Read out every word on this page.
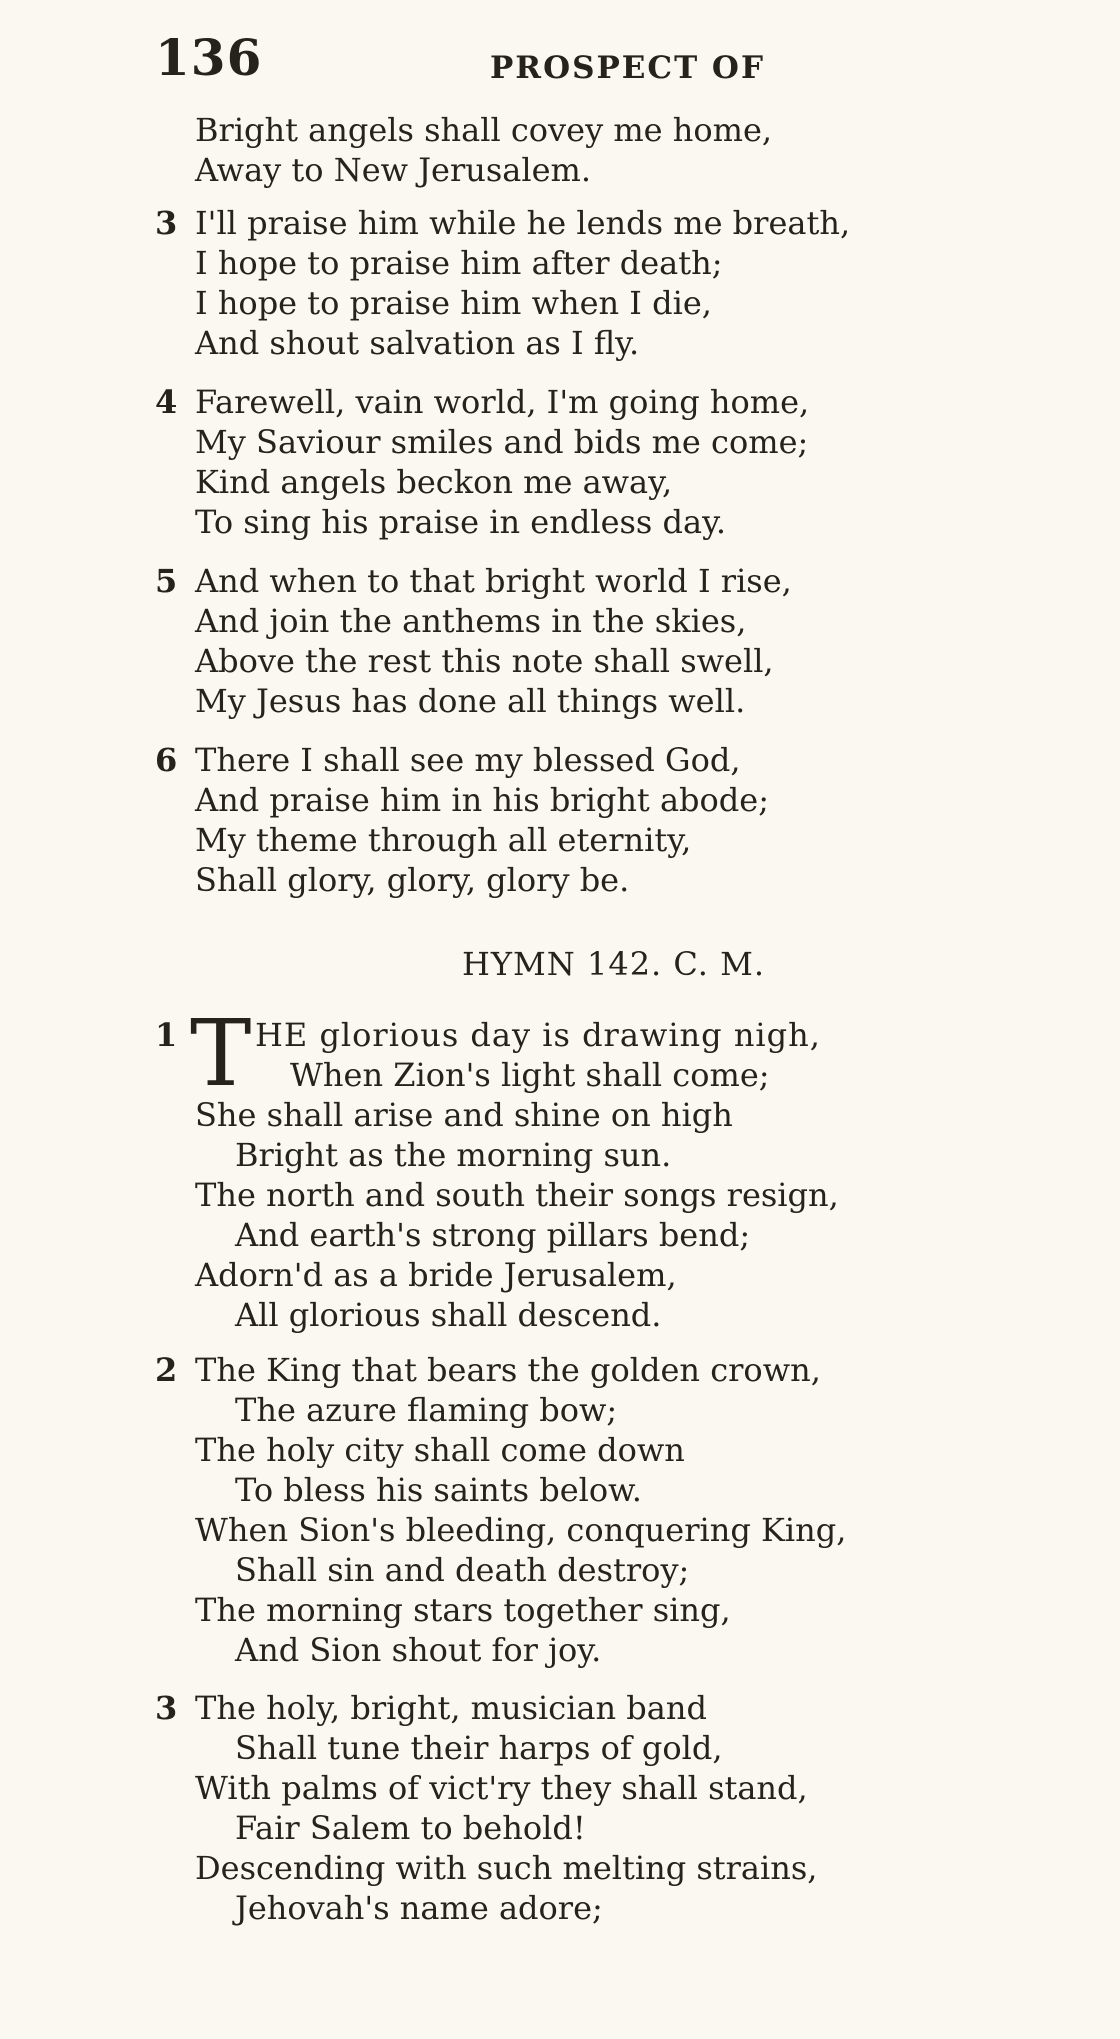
136	PROSPECT OF
Bright angels shall covey me home,
Away to New Jerusalem.
3 I'll praise him while he lends me breath,
I hope to praise him after death;
I hope to praise him when I die,
And shout salvation as I fly.
4 Farewell, vain world, I'm going home,
My Saviour smiles and bids me come;
Kind angels beckon me away,
To sing his praise in endless day.
5 And when to that bright world I rise,
And join the anthems in the skies,
Above the rest this note shall swell,
My Jesus has done all things well.
6 There I shall see my blessed God,
And praise him in his bright abode;
My theme through all eternity,
Shall glory, glory, glory be.
HYMN 142. C. M.
1 T HE glorious day is drawing nigh,
When Zion's light shall come;
She shall arise and shine on high
Bright as the morning sun.
The north and south their songs resign,
And earth's strong pillars bend;
Adorn'd as a bride Jerusalem,
All glorious shall descend.
2 The King that bears the golden crown,
The azure flaming bow;
The holy city shall come down
To bless his saints below.
When Sion's bleeding, conquering King,
Shall sin and death destroy;
The morning stars together sing,
And Sion shout for joy.
3 The holy, bright, musician band
Shall tune their harps of gold,
With palms of vict'ry they shall stand,
Fair Salem to behold!
Descending with such melting strains,
Jehovah's name adore;
